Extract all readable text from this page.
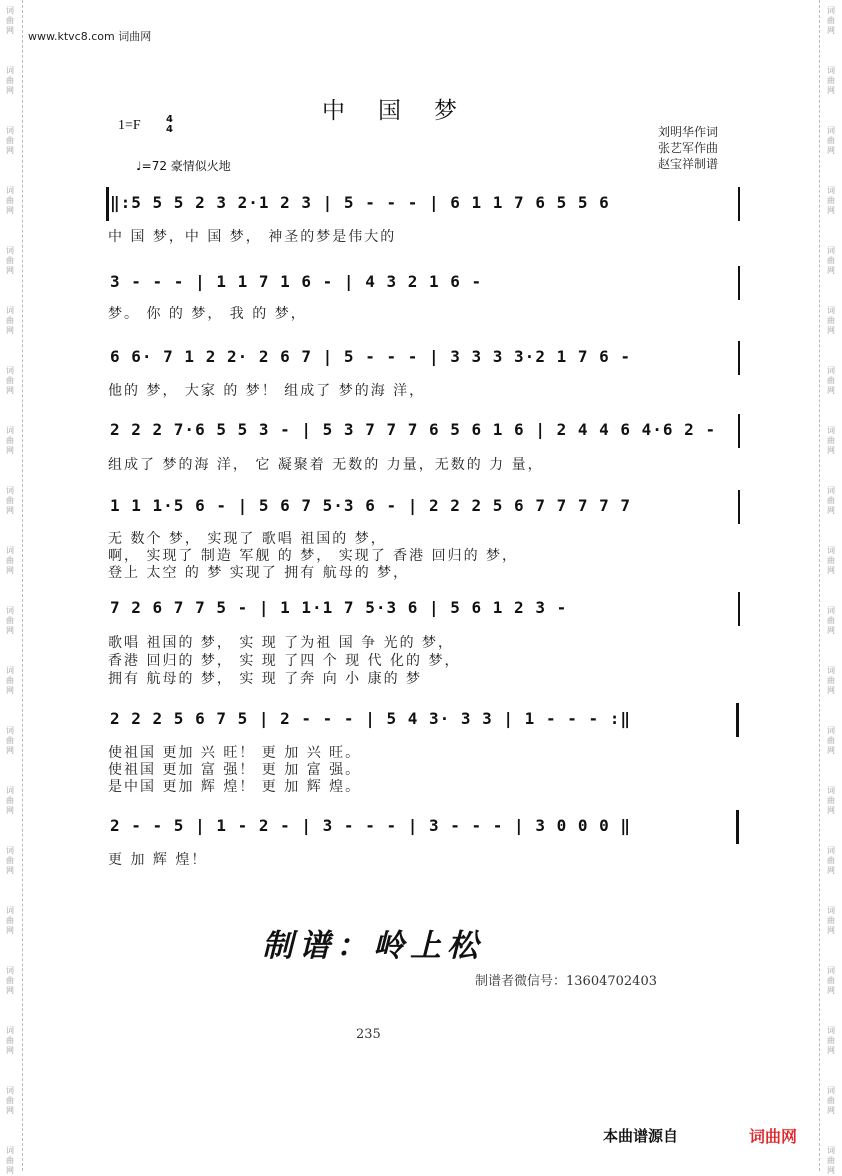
词
曲
网
词
曲
网
词
曲
网
词
曲
网
词
曲
网
词
曲
网
词
曲
网
词
曲
网
词
曲
网
词
曲
网
词
曲
网
词
曲
网
词
曲
网
词
曲
网
词
曲
网
词
曲
网
词
曲
网
词
曲
网
词
曲
网
词
曲
网
词
曲
网
词
曲
网
词
曲
网
词
曲
网
词
曲
网
词
曲
网
词
曲
网
词
曲
网
词
曲
网
词
曲
网
词
曲
网
词
曲
网
词
曲
网
词
曲
网
词
曲
网
词
曲
网
词
曲
网
词
曲
网
词
曲
网
词
曲
网
www.ktvc8.com 词曲网
中国梦
1=F	4
4
♩=72 豪情似火地
刘明华作词
张艺军作曲
赵宝祥制谱
‖:5 5 5 2 3 2·1 2 3 | 5 - - - | 6 1 1 7 6 5 5 6
3 - - - | 1 1 7 1 6 - | 4 3 2 1 6 -
6 6· 7 1 2 2· 2 6 7 | 5 - - - | 3 3 3 3·2 1 7 6 -
2 2 2 7·6 5 5 3 - | 5 3 7 7 7 6 5 6 1 6 | 2 4 4 6 4·6 2 -
1 1 1·5 6 - | 5 6 7 5·3 6 - | 2 2 2 5 6 7 7 7 7 7
7 2 6 7 7 5 - | 1 1·1 7 5·3 6 | 5 6 1 2 3 -
2 2 2 5 6 7 5 | 2 - - - | 5 4 3· 3 3 | 1 - - - :‖
2 - - 5 | 1 - 2 - | 3 - - - | 3 - - - | 3 0 0 0 ‖
中 国 梦，中 国 梦， 神圣的梦是伟大的
梦。 你 的 梦， 我 的 梦，
他的 梦， 大家 的 梦！ 组成了 梦的海 洋，
组成了 梦的海 洋， 它 凝聚着 无数的 力量，无数的 力 量，
无 数个 梦， 实现了 歌唱 祖国的 梦，
啊， 实现了 制造 军舰 的 梦， 实现了 香港 回归的 梦，
登上 太空 的 梦 实现了 拥有 航母的 梦，
歌唱 祖国的 梦， 实 现 了为祖 国 争 光的 梦，
香港 回归的 梦， 实 现 了四 个 现 代 化的 梦，
拥有 航母的 梦， 实 现 了奔 向 小 康的 梦
使祖国 更加 兴 旺！ 更 加 兴 旺。
使祖国 更加 富 强！ 更 加 富 强。
是中国 更加 辉 煌！ 更 加 辉 煌。
更 加 辉 煌！
制谱：岭上松
制谱者微信号：13604702403
235
本曲谱源自	词曲网
